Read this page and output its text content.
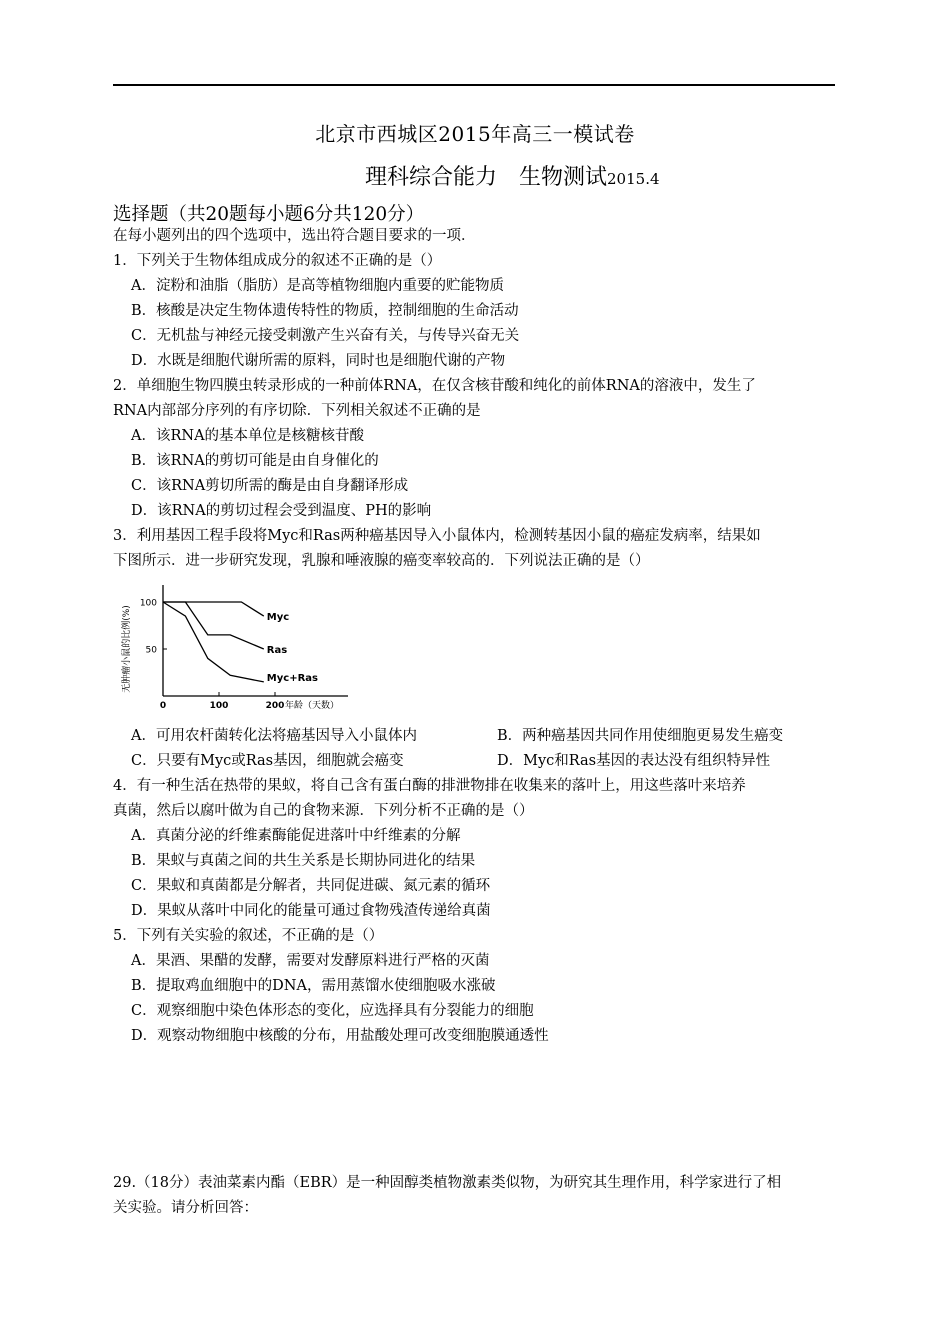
北京市西城区2015年高三一模试卷
理科综合能力　生物测试2015.4
选择题（共20题每小题6分共120分）
在每小题列出的四个选项中，选出符合题目要求的一项．
1．下列关于生物体组成成分的叙述不正确的是（）
A．淀粉和油脂（脂肪）是高等植物细胞内重要的贮能物质
B．核酸是决定生物体遗传特性的物质，控制细胞的生命活动
C．无机盐与神经元接受刺激产生兴奋有关，与传导兴奋无关
D．水既是细胞代谢所需的原料，同时也是细胞代谢的产物
2．单细胞生物四膜虫转录形成的一种前体RNA，在仅含核苷酸和纯化的前体RNA的溶液中，发生了
RNA内部部分序列的有序切除．下列相关叙述不正确的是
A．该RNA的基本单位是核糖核苷酸
B．该RNA的剪切可能是由自身催化的
C．该RNA剪切所需的酶是由自身翻译形成
D．该RNA的剪切过程会受到温度、PH的影响
3．利用基因工程手段将Myc和Ras两种癌基因导入小鼠体内，检测转基因小鼠的癌症发病率，结果如
下图所示．进一步研究发现，乳腺和唾液腺的癌变率较高的．下列说法正确的是（）
100
50
0	100	200 年龄（天数）
无肿瘤小鼠的比例(%)	Myc
Ras
Myc+Ras
A．可用农杆菌转化法将癌基因导入小鼠体内	B．两种癌基因共同作用使细胞更易发生癌变
C．只要有Myc或Ras基因，细胞就会癌变	D．Myc和Ras基因的表达没有组织特异性
4．有一种生活在热带的果蚁，将自己含有蛋白酶的排泄物排在收集来的落叶上，用这些落叶来培养
真菌，然后以腐叶做为自己的食物来源．下列分析不正确的是（）
A．真菌分泌的纤维素酶能促进落叶中纤维素的分解
B．果蚁与真菌之间的共生关系是长期协同进化的结果
C．果蚁和真菌都是分解者，共同促进碳、氮元素的循环
D．果蚁从落叶中同化的能量可通过食物残渣传递给真菌
5．下列有关实验的叙述，不正确的是（）
A．果酒、果醋的发酵，需要对发酵原料进行严格的灭菌
B．提取鸡血细胞中的DNA，需用蒸馏水使细胞吸水涨破
C．观察细胞中染色体形态的变化，应选择具有分裂能力的细胞
D．观察动物细胞中核酸的分布，用盐酸处理可改变细胞膜通透性
29.（18分）表油菜素内酯（EBR）是一种固醇类植物激素类似物，为研究其生理作用，科学家进行了相
关实验。请分析回答：
